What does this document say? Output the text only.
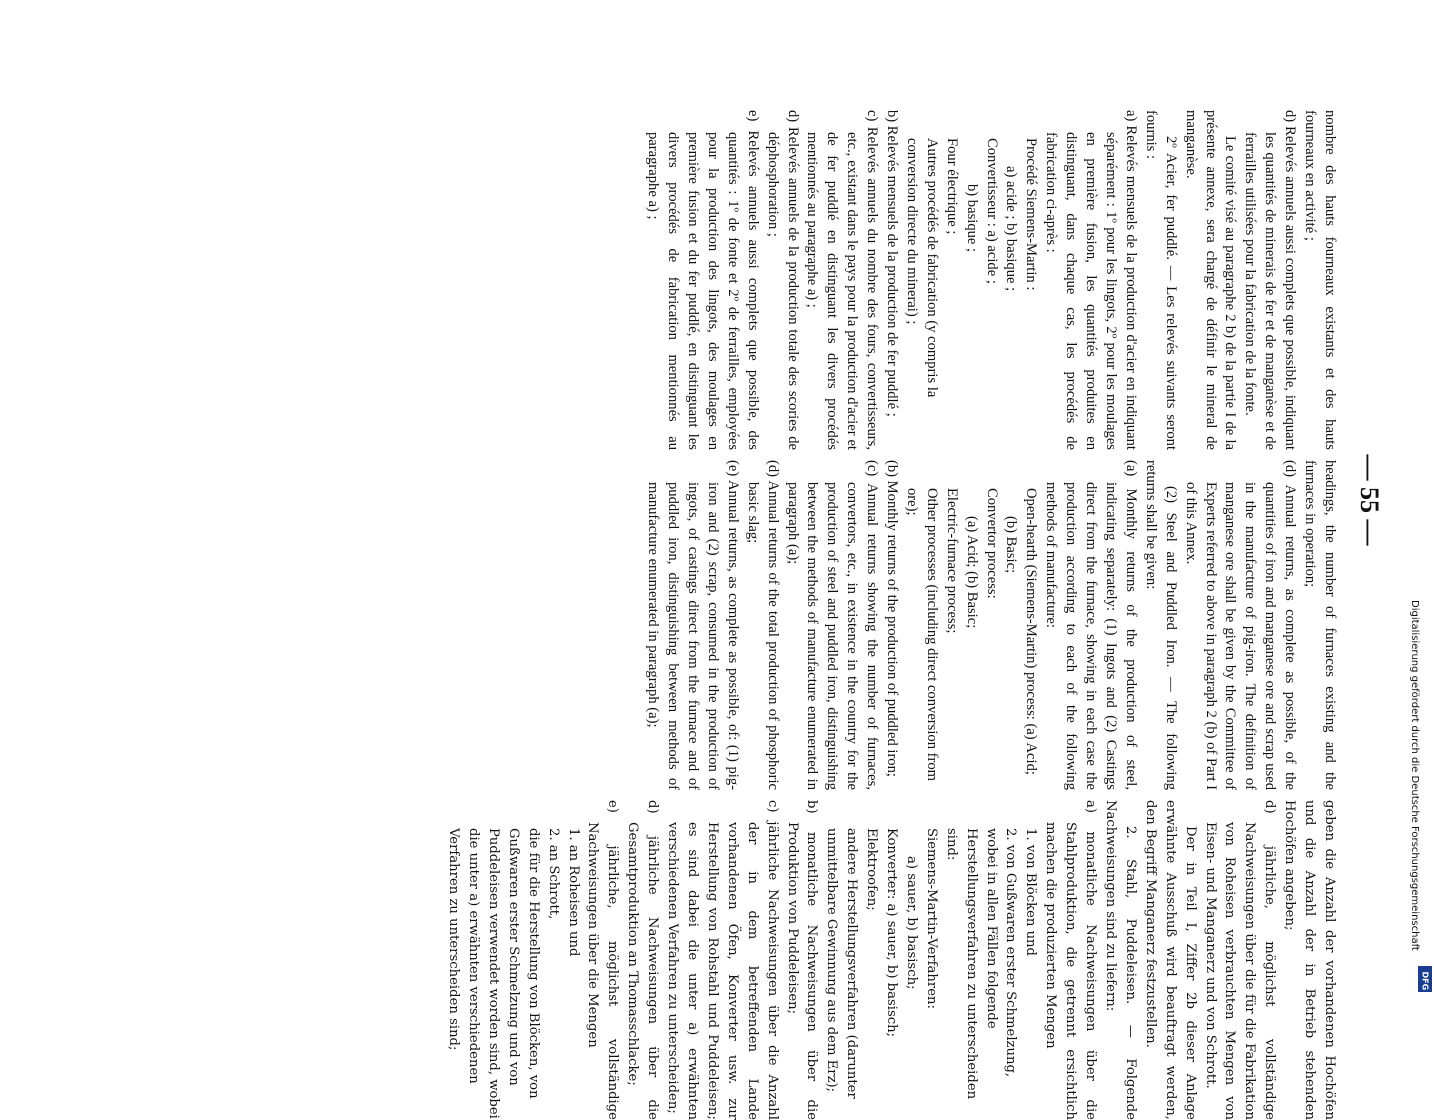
— 55 —

nombre des hauts fourneaux existants et des hauts fourneaux en activité ;

d) Relevés annuels aussi complets que possible, indiquant les quantités de minerais de fer et de manganèse et de ferrailles utilisées pour la fabrication de la fonte.

Le comité visé au paragraphe 2 b) de la partie I de la présente annexe, sera chargé de définir le mineral de manganèse.

2º Acier, fer puddlé. — Les relevés suivants seront fournis :

a) Relevés mensuels de la production d'acier en indiquant séparément : 1º pour les lingots, 2º pour les moulages en première fusion, les quantités produites en distinguant, dans chaque cas, les procédés de fabrication ci-après :

Procédé Siemens-Martin :
a) acide ; b) basique ;
Convertisseur : a) acide ;
b) basique ;
Four électrique ;
Autres procédés de fabrication (y compris la conversion directe du minerai) ;

b) Relevés mensuels de la production de fer puddlé ;

c) Relevés annuels du nombre des fours, convertisseurs, etc., existant dans le pays pour la production d'acier et de fer puddlé en distinguant les divers procédés mentionnés au paragraphe a) ;

d) Relevés annuels de la production totale des scories de déphosphoration ;

e) Relevés annuels aussi complets que possible, des quantités : 1º de fonte et 2º de ferrailles, employées pour la production des lingots, des moulages en première fusion et du fer puddlé, en distinguant les divers procédés de fabrication mentionnés au paragraphe a) ;

headings, the number of furnaces existing and the furnaces in operation;

(d) Annual returns, as complete as possible, of the quantities of iron and manganese ore and scrap used in the manufacture of pig-iron. The definition of manganese ore shall be given by the Committee of Experts referred to above in paragraph 2 (b) of Part I of this Annex.

(2) Steel and Puddled Iron. — The following returns shall be given:

(a) Monthly returns of the production of steel, indicating separately: (1) Ingots and (2) Castings direct from the furnace, showing in each case the production according to each of the following methods of manufacture:

Open-hearth (Siemens-Martin) process: (a) Acid;
(b) Basic;
Convertor process:
(a) Acid; (b) Basic;
Electric-furnace process;
Other processes (including direct conversion from ore);

(b) Monthly returns of the production of puddled iron;

(c) Annual returns showing the number of furnaces, convertors, etc., in existence in the country for the production of steel and puddled iron, distinguishing between the methods of manufacture enumerated in paragraph (a);

(d) Annual returns of the total production of phosphoric basic slag;

(e) Annual returns, as complete as possible, of: (1) pig-iron and (2) scrap, consumed in the production of ingots, of castings direct from the furnace and of puddled iron, distinguishing between methods of manufacture enumerated in paragraph (a);

geben die Anzahl der vorhandenen Hochöfen und die Anzahl der in Betrieb stehenden Hochöfen angeben;

d) jährliche, möglichst vollständige Nachweisungen über die für die Fabrikation von Roheisen verbrauchten Mengen von Eisen- und Manganerz und von Schrott.

Der in Teil I, Ziffer 2b dieser Anlage erwähnte Ausschuß wird beauftragt werden, den Begriff Manganerz festzustellen.

2. Stahl, Puddeleisen. — Folgende Nachweisungen sind zu liefern:

a) monatliche Nachweisungen über die Stahlproduktion, die getrennt ersichtlich machen die produzierten Mengen

1. von Blöcken und
2. von Gußwaren erster Schmelzung,
wobei in allen Fällen folgende Herstellungsverfahren zu unterscheiden sind:
Siemens-Martin-Verfahren:
a) sauer, b) basisch;
Konverter: a) sauer, b) basisch;
Elektroofen;
andere Herstellungsverfahren (darunter unmittelbare Gewinnung aus dem Erz);

b) monatliche Nachweisungen über die Produktion von Puddeleisen;

c) jährliche Nachweisungen über die Anzahl der in dem betreffenden Lande vorhandenen Öfen, Konverter usw. zur Herstellung von Rohstahl und Puddeleisen; es sind dabei die unter a) erwähnten verschiedenen Verfahren zu unterscheiden;

d) jährliche Nachweisungen über die Gesamtproduktion an Thomasschlacke;

e) jährliche, möglichst vollständige Nachweisungen über die Mengen

1. an Roheisen und
2. an Schrott,
die für die Herstellung von Blöcken, von Gußwaren erster Schmelzung und von Puddeleisen verwendet worden sind, wobei die unter a) erwähnten verschiedenen Verfahren zu unterscheiden sind;	Digitalisierung gefördert durch die Deutsche Forschungsgemeinschaft
DFG
